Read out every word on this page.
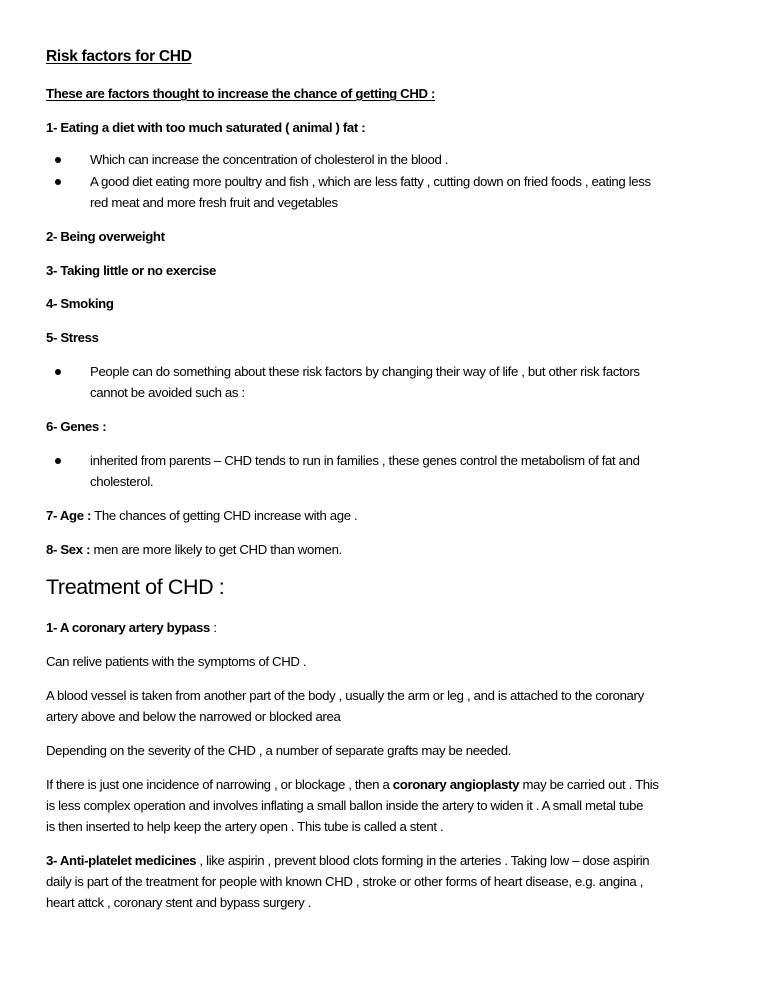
Risk factors for CHD
These are factors thought to increase the chance of getting CHD :
1- Eating a diet with too much saturated ( animal ) fat :
Which can increase the concentration of cholesterol in the blood .
A good diet eating more poultry and fish , which are less fatty , cutting down on fried foods , eating less
red meat and more fresh fruit and vegetables
2- Being overweight
3- Taking little or no exercise
4- Smoking
5- Stress
People can do something about these risk factors by changing their way of life , but other risk factors
cannot be avoided such as :
6- Genes :
inherited from parents – CHD tends to run in families , these genes control the metabolism of fat and
cholesterol.
7- Age : The chances of getting CHD increase with age .
8- Sex : men are more likely to get CHD than women.
Treatment of CHD :
1- A coronary artery bypass :
Can relive patients with the symptoms of CHD .
A blood vessel is taken from another part of the body , usually the arm or leg , and is attached to the coronary
artery above and below the narrowed or blocked area
Depending on the severity of the CHD , a number of separate grafts may be needed.
If there is just one incidence of narrowing , or blockage , then a coronary angioplasty may be carried out . This
is less complex operation and involves inflating a small ballon inside the artery to widen it . A small metal tube
is then inserted to help keep the artery open . This tube is called a stent .
3- Anti-platelet medicines , like aspirin , prevent blood clots forming in the arteries . Taking low – dose aspirin
daily is part of the treatment for people with known CHD , stroke or other forms of heart disease, e.g. angina ,
heart attck , coronary stent and bypass surgery .
